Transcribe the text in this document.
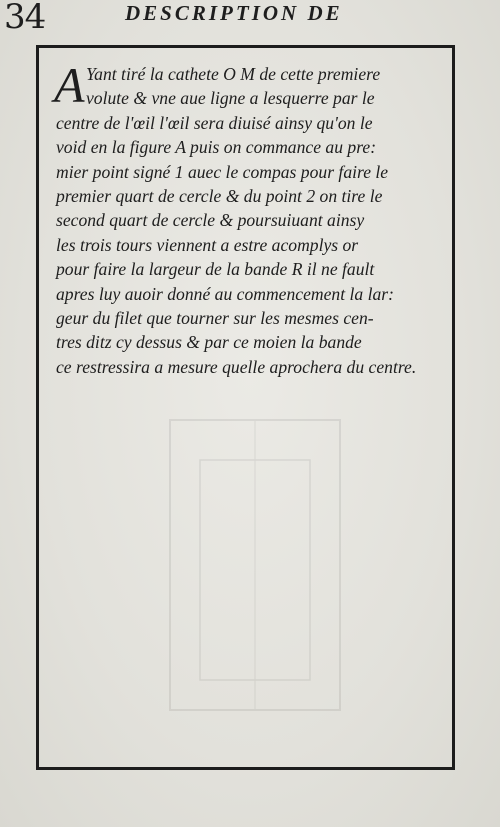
34	DESCRIPTION DE
A Yant tiré la cathete O M de cette premiere
volute & vne aue ligne a lesquerre par le
centre de l'œil l'œil sera diuisé ainsy qu'on le
void en la figure A puis on commance au pre:
mier point signé 1 auec le compas pour faire le
premier quart de cercle & du point 2 on tire le
second quart de cercle & poursuiuant ainsy
les trois tours viennent a estre acomplys or
pour faire la largeur de la bande R il ne fault
apres luy auoir donné au commencement la lar:
geur du filet que tourner sur les mesmes cen-
tres ditz cy dessus & par ce moien la bande
ce restressira a mesure quelle aprochera du centre.
